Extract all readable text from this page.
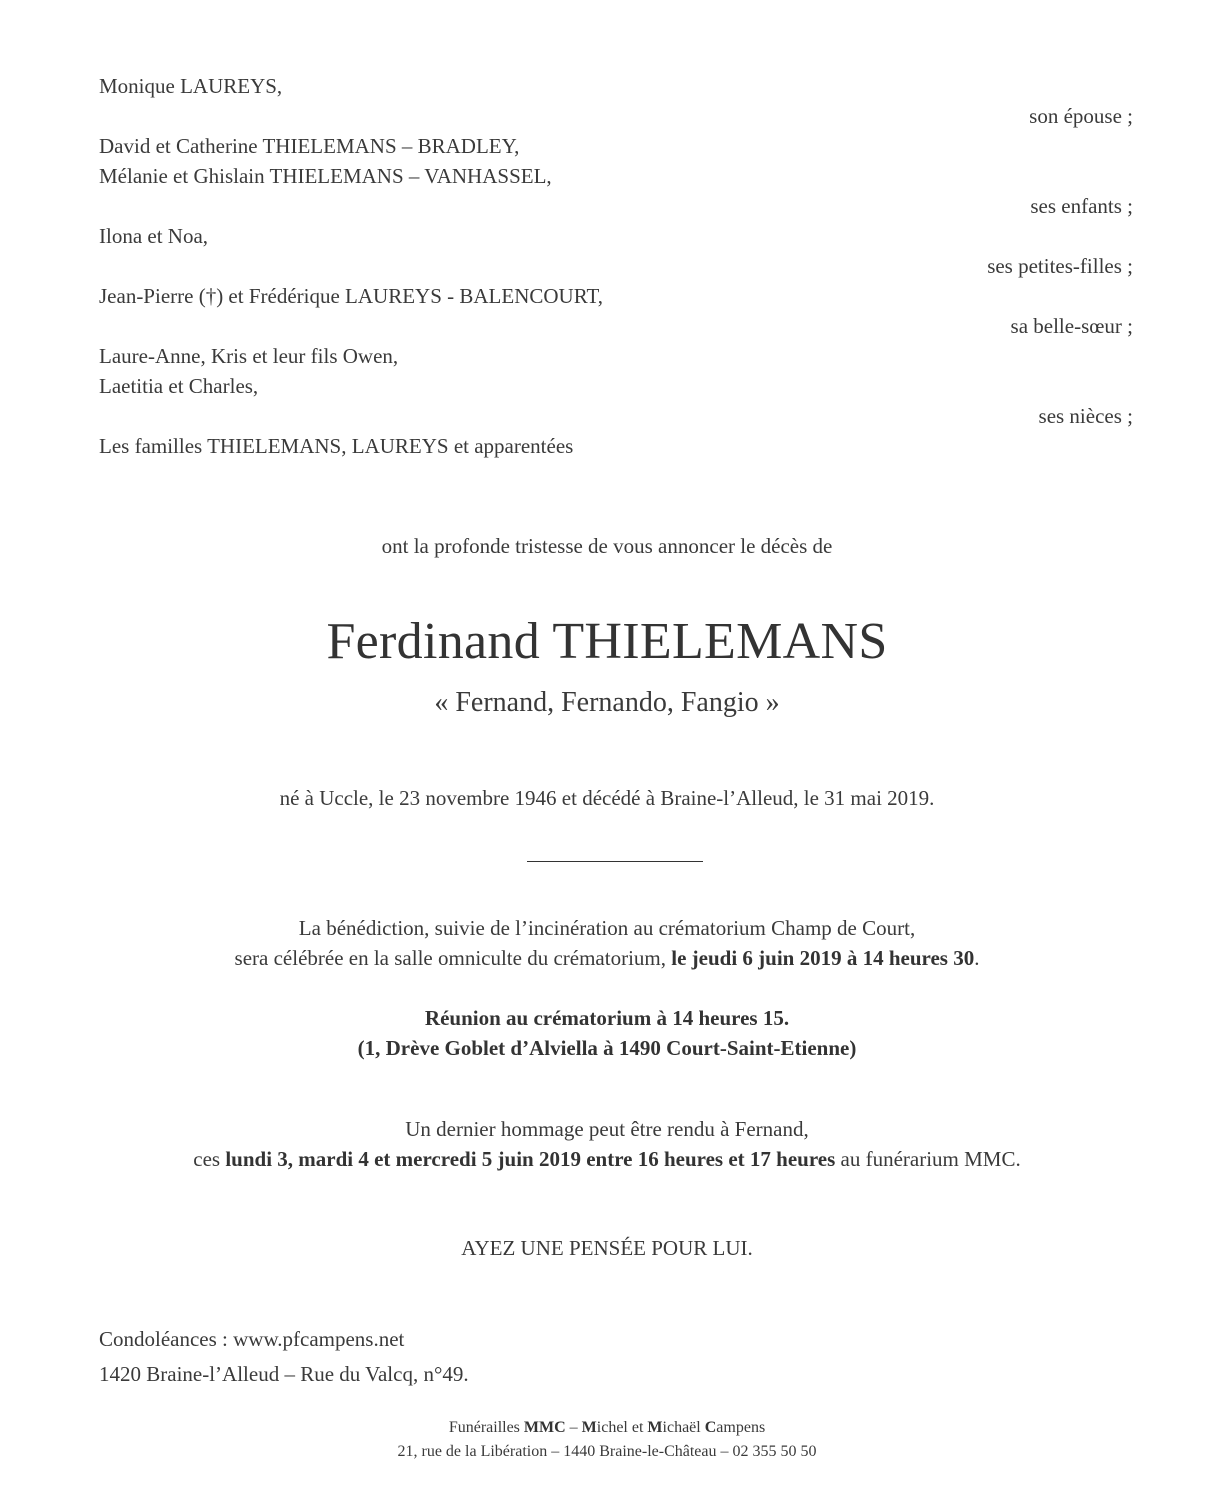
Monique LAUREYS,
son épouse ;
David et Catherine THIELEMANS – BRADLEY,
Mélanie et Ghislain THIELEMANS – VANHASSEL,
ses enfants ;
Ilona et Noa,
ses petites-filles ;
Jean-Pierre (†) et Frédérique LAUREYS - BALENCOURT,
sa belle-sœur ;
Laure-Anne, Kris et leur fils Owen,
Laetitia et Charles,
ses nièces ;
Les familles THIELEMANS, LAUREYS et apparentées
ont la profonde tristesse de vous annoncer le décès de
Ferdinand THIELEMANS
« Fernand, Fernando, Fangio »
né à Uccle, le 23 novembre 1946 et décédé à Braine-l’Alleud, le 31 mai 2019.
La bénédiction, suivie de l’incinération au crématorium Champ de Court,
sera célébrée en la salle omniculte du crématorium, le jeudi 6 juin 2019 à 14 heures 30.
Réunion au crématorium à 14 heures 15.
(1, Drève Goblet d’Alviella à 1490 Court-Saint-Etienne)
Un dernier hommage peut être rendu à Fernand,
ces lundi 3, mardi 4 et mercredi 5 juin 2019 entre 16 heures et 17 heures au funérarium MMC.
AYEZ UNE PENSÉE POUR LUI.
Condoléances : www.pfcampens.net
1420 Braine-l’Alleud – Rue du Valcq, n°49.
Funérailles MMC – Michel et Michaël Campens
21, rue de la Libération – 1440 Braine-le-Château – 02 355 50 50
